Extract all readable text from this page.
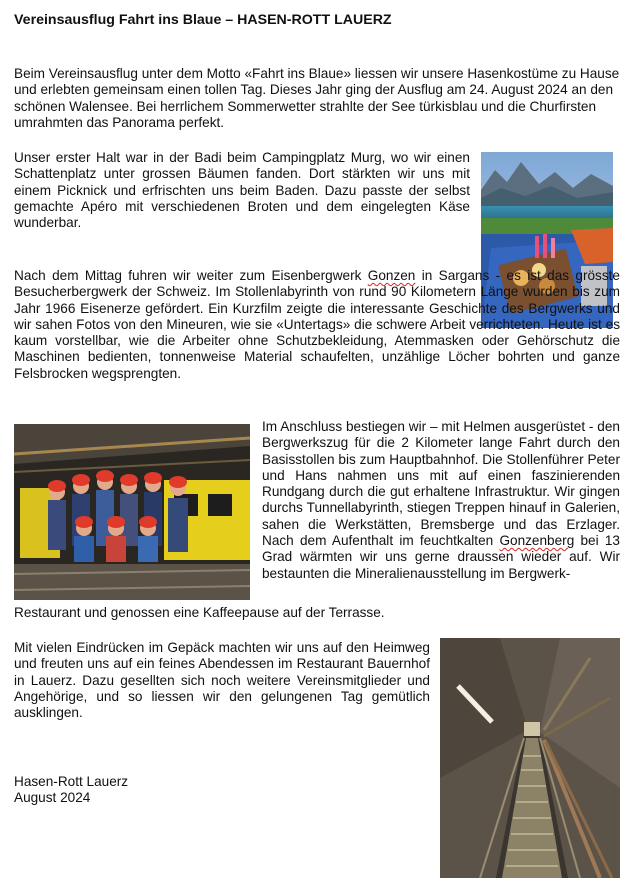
Vereinsausflug Fahrt ins Blaue – HASEN-ROTT LAUERZ

Beim Vereinsausflug unter dem Motto «Fahrt ins Blaue» liessen wir unsere Hasenkostüme zu Hause und erlebten gemeinsam einen tollen Tag. Dieses Jahr ging der Ausflug am 24. August 2024 an den schönen Walensee. Bei herrlichem Sommerwetter strahlte der See türkisblau und die Churfirsten umrahmten das Panorama perfekt.

Unser erster Halt war in der Badi beim Campingplatz Murg, wo wir einen Schattenplatz unter grossen Bäumen fanden. Dort stärkten wir uns mit einem Picknick und erfrischten uns beim Baden. Dazu passte der selbst gemachte Apéro mit verschiedenen Broten und dem eingelegten Käse wunderbar.

Nach dem Mittag fuhren wir weiter zum Eisenbergwerk Gonzen in Sargans - es ist das grösste Besucherbergwerk der Schweiz. Im Stollenlabyrinth von rund 90 Kilometern Länge wurden bis zum Jahr 1966 Eisenerze gefördert. Ein Kurzfilm zeigte die interessante Geschichte des Bergwerks und wir sahen Fotos von den Mineuren, wie sie «Untertags» die schwere Arbeit verrichteten. Heute ist es kaum vorstellbar, wie die Arbeiter ohne Schutzbekleidung, Atemmasken oder Gehörschutz die Maschinen bedienten, tonnenweise Material schaufelten, unzählige Löcher bohrten und ganze Felsbrocken wegsprengten.

Im Anschluss bestiegen wir – mit Helmen ausgerüstet - den Bergwerkszug für die 2 Kilometer lange Fahrt durch den Basisstollen bis zum Hauptbahnhof. Die Stollenführer Peter und Hans nahmen uns mit auf einen faszinierenden Rundgang durch die gut erhaltene Infrastruktur. Wir gingen durchs Tunnellabyrinth, stiegen Treppen hinauf in Galerien, sahen die Werkstätten, Bremsberge und das Erzlager. Nach dem Aufenthalt im feuchtkalten Gonzenberg bei 13 Grad wärmten wir uns gerne draussen wieder auf. Wir bestaunten die Mineralienausstellung im Bergwerk-

Restaurant und genossen eine Kaffeepause auf der Terrasse.

Mit vielen Eindrücken im Gepäck machten wir uns auf den Heimweg und freuten uns auf ein feines Abendessen im Restaurant Bauernhof in Lauerz. Dazu gesellten sich noch weitere Vereinsmitglieder und Angehörige, und so liessen wir den gelungenen Tag gemütlich ausklingen.

Hasen-Rott Lauerz
August 2024
